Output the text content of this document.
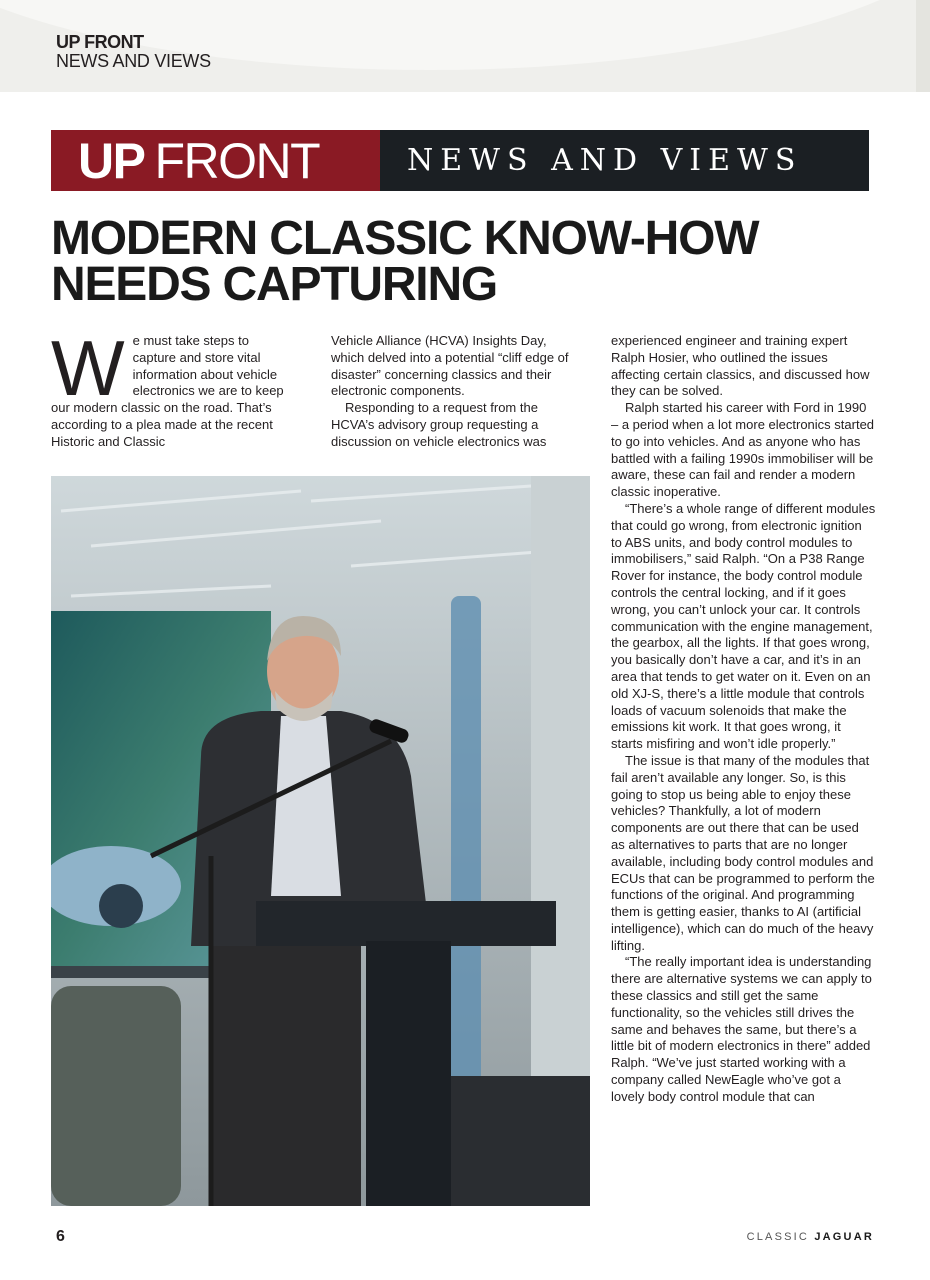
UP FRONT
NEWS AND VIEWS
UP FRONT	NEWS AND VIEWS
MODERN CLASSIC KNOW-HOW
NEEDS CAPTURING
W e must take steps to capture and store vital information about vehicle electronics we are to keep our modern classic on the road. That’s according to a plea made at the recent Historic and Classic

Vehicle Alliance (HCVA) Insights Day, which delved into a potential “cliff edge of disaster” concerning classics and their electronic components.

Responding to a request from the HCVA’s advisory group requesting a discussion on vehicle electronics was

experienced engineer and training expert Ralph Hosier, who outlined the issues affecting certain classics, and discussed how they can be solved.

Ralph started his career with Ford in 1990 – a period when a lot more electronics started to go into vehicles. And as anyone who has battled with a failing 1990s immobiliser will be aware, these can fail and render a modern classic inoperative.

“There’s a whole range of different modules that could go wrong, from electronic ignition to ABS units, and body control modules to immobilisers,” said Ralph. “On a P38 Range Rover for instance, the body control module controls the central locking, and if it goes wrong, you can’t unlock your car. It controls communication with the engine management, the gearbox, all the lights. If that goes wrong, you basically don’t have a car, and it’s in an area that tends to get water on it. Even on an old XJ-S, there’s a little module that controls loads of vacuum solenoids that make the emissions kit work. It that goes wrong, it starts misfiring and won’t idle properly.”

The issue is that many of the modules that fail aren’t available any longer. So, is this going to stop us being able to enjoy these vehicles? Thankfully, a lot of modern components are out there that can be used as alternatives to parts that are no longer available, including body control modules and ECUs that can be programmed to perform the functions of the original. And programming them is getting easier, thanks to AI (artificial intelligence), which can do much of the heavy lifting.

“The really important idea is understanding there are alternative systems we can apply to these classics and still get the same functionality, so the vehicles still drives the same and behaves the same, but there’s a little bit of modern electronics in there” added Ralph. “We’ve just started working with a company called NewEagle who’ve got a lovely body control module that can

6	CLASSIC JAGUAR
